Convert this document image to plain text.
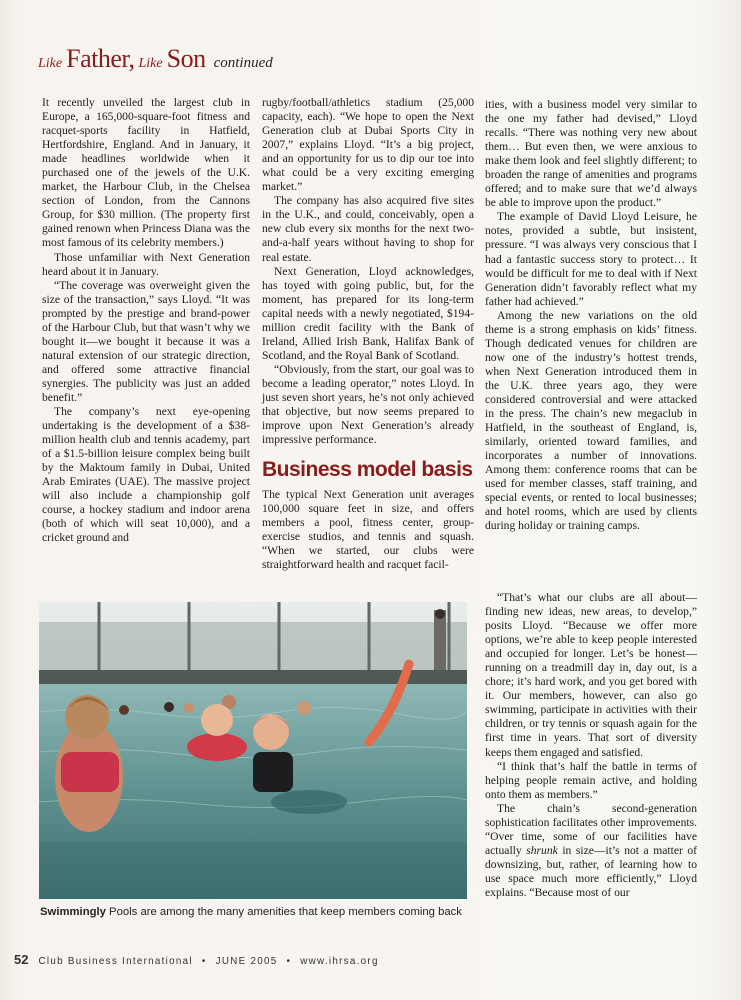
Like Father, Like Son continued

It recently unveiled the largest club in Europe, a 165,000-square-foot fitness and racquet-sports facility in Hatfield, Hertfordshire, England. And in January, it made headlines worldwide when it purchased one of the jewels of the U.K. market, the Harbour Club, in the Chelsea section of London, from the Cannons Group, for $30 million. (The property first gained renown when Princess Diana was the most famous of its celebrity members.)

Those unfamiliar with Next Generation heard about it in January.

“The coverage was overweight given the size of the transaction,” says Lloyd. “It was prompted by the prestige and brand-power of the Harbour Club, but that wasn’t why we bought it—we bought it because it was a natural extension of our strategic direction, and offered some attractive financial synergies. The publicity was just an added benefit.”

The company’s next eye-opening undertaking is the development of a $38-million health club and tennis academy, part of a $1.5-billion leisure complex being built by the Maktoum family in Dubai, United Arab Emirates (UAE). The massive project will also include a championship golf course, a hockey stadium and indoor arena (both of which will seat 10,000), and a cricket ground and

rugby/football/athletics stadium (25,000 capacity, each). “We hope to open the Next Generation club at Dubai Sports City in 2007,” explains Lloyd. “It’s a big project, and an opportunity for us to dip our toe into what could be a very exciting emerging market.”

The company has also acquired five sites in the U.K., and could, conceivably, open a new club every six months for the next two-and-a-half years without having to shop for real estate.

Next Generation, Lloyd acknowledges, has toyed with going public, but, for the moment, has prepared for its long-term capital needs with a newly negotiated, $194-million credit facility with the Bank of Ireland, Allied Irish Bank, Halifax Bank of Scotland, and the Royal Bank of Scotland.

“Obviously, from the start, our goal was to become a leading operator,” notes Lloyd. In just seven short years, he’s not only achieved that objective, but now seems prepared to improve upon Next Generation’s already impressive performance.

Business model basis

The typical Next Generation unit averages 100,000 square feet in size, and offers members a pool, fitness center, group-exercise studios, and tennis and squash. “When we started, our clubs were straightforward health and racquet facil-

ities, with a business model very similar to the one my father had devised,” Lloyd recalls. “There was nothing very new about them… But even then, we were anxious to make them look and feel slightly different; to broaden the range of amenities and programs offered; and to make sure that we’d always be able to improve upon the product.”

The example of David Lloyd Leisure, he notes, provided a subtle, but insistent, pressure. “I was always very conscious that I had a fantastic success story to protect… It would be difficult for me to deal with if Next Generation didn’t favorably reflect what my father had achieved.”

Among the new variations on the old theme is a strong emphasis on kids’ fitness. Though dedicated venues for children are now one of the industry’s hottest trends, when Next Generation introduced them in the U.K. three years ago, they were considered controversial and were attacked in the press. The chain’s new megaclub in Hatfield, in the southeast of England, is, similarly, oriented toward families, and incorporates a number of innovations. Among them: conference rooms that can be used for member classes, staff training, and special events, or rented to local businesses; and hotel rooms, which are used by clients during holiday or training camps.

“That’s what our clubs are all about—finding new ideas, new areas, to develop,” posits Lloyd. “Because we offer more options, we’re able to keep people interested and occupied for longer. Let’s be honest—running on a treadmill day in, day out, is a chore; it’s hard work, and you get bored with it. Our members, however, can also go swimming, participate in activities with their children, or try tennis or squash again for the first time in years. That sort of diversity keeps them engaged and satisfied.

“I think that’s half the battle in terms of helping people remain active, and holding onto them as members.”

The chain’s second-generation sophistication facilitates other improvements. “Over time, some of our facilities have actually shrunk in size—it’s not a matter of downsizing, but, rather, of learning how to use space much more efficiently,” Lloyd explains. “Because most of our

Swimmingly Pools are among the many amenities that keep members coming back
52 Club Business International • JUNE 2005 • www.ihrsa.org
